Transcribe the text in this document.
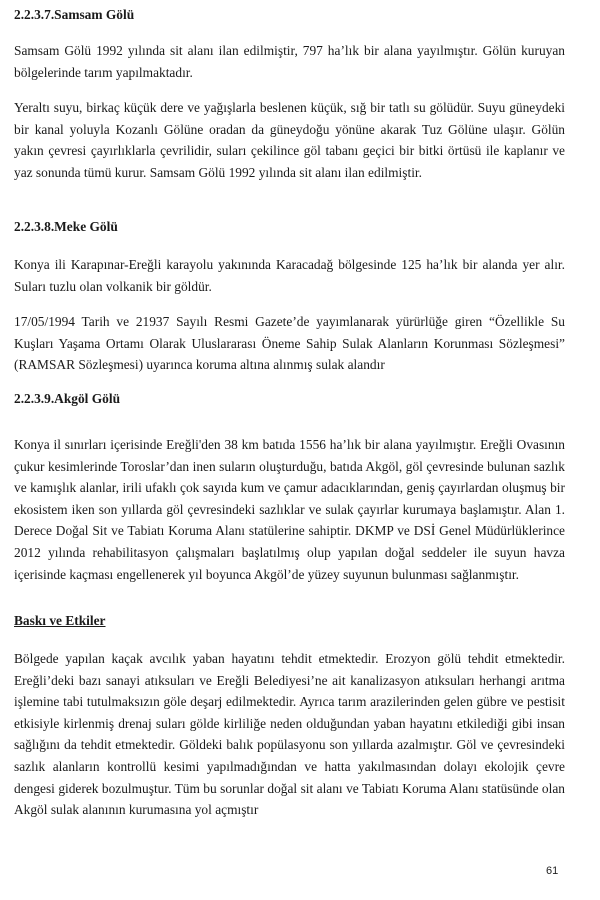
2.2.3.7.Samsam Gölü

Samsam Gölü 1992 yılında sit alanı ilan edilmiştir, 797 ha’lık bir alana yayılmıştır. Gölün kuruyan bölgelerinde tarım yapılmaktadır.

Yeraltı suyu, birkaç küçük dere ve yağışlarla beslenen küçük, sığ bir tatlı su gölüdür. Suyu güneydeki bir kanal yoluyla Kozanlı Gölüne oradan da güneydoğu yönüne akarak Tuz Gölüne ulaşır. Gölün yakın çevresi çayırlıklarla çevrilidir, suları çekilince göl tabanı geçici bir bitki örtüsü ile kaplanır ve yaz sonunda tümü kurur. Samsam Gölü 1992 yılında sit alanı ilan edilmiştir.

2.2.3.8.Meke Gölü

Konya ili Karapınar-Ereğli karayolu yakınında Karacadağ bölgesinde 125 ha’lık bir alanda yer alır. Suları tuzlu olan volkanik bir göldür.

17/05/1994 Tarih ve 21937 Sayılı Resmi Gazete’de yayımlanarak yürürlüğe giren “Özellikle Su Kuşları Yaşama Ortamı Olarak Uluslararası Öneme Sahip Sulak Alanların Korunması Sözleşmesi” (RAMSAR Sözleşmesi) uyarınca koruma altına alınmış sulak alandır

2.2.3.9.Akgöl Gölü

Konya il sınırları içerisinde Ereğli'den 38 km batıda 1556 ha’lık bir alana yayılmıştır. Ereğli Ovasının çukur kesimlerinde Toroslar’dan inen suların oluşturduğu, batıda Akgöl, göl çevresinde bulunan sazlık ve kamışlık alanlar, irili ufaklı çok sayıda kum ve çamur adacıklarından, geniş çayırlardan oluşmuş bir ekosistem iken son yıllarda göl çevresindeki sazlıklar ve sulak çayırlar kurumaya başlamıştır. Alan 1. Derece Doğal Sit ve Tabiatı Koruma Alanı statülerine sahiptir. DKMP ve DSİ Genel Müdürlüklerince 2012 yılında rehabilitasyon çalışmaları başlatılmış olup yapılan doğal seddeler ile suyun havza içerisinde kaçması engellenerek yıl boyunca Akgöl’de yüzey suyunun bulunması sağlanmıştır.

Baskı ve Etkiler

Bölgede yapılan kaçak avcılık yaban hayatını tehdit etmektedir. Erozyon gölü tehdit etmektedir. Ereğli’deki bazı sanayi atıksuları ve Ereğli Belediyesi’ne ait kanalizasyon atıksuları herhangi arıtma işlemine tabi tutulmaksızın göle deşarj edilmektedir. Ayrıca tarım arazilerinden gelen gübre ve pestisit etkisiyle kirlenmiş drenaj suları gölde kirliliğe neden olduğundan yaban hayatını etkilediği gibi insan sağlığını da tehdit etmektedir. Göldeki balık popülasyonu son yıllarda azalmıştır. Göl ve çevresindeki sazlık alanların kontrollü kesimi yapılmadığından ve hatta yakılmasından dolayı ekolojik çevre dengesi giderek bozulmuştur. Tüm bu sorunlar doğal sit alanı ve Tabiatı Koruma Alanı statüsünde olan Akgöl sulak alanının kurumasına yol açmıştır

61
